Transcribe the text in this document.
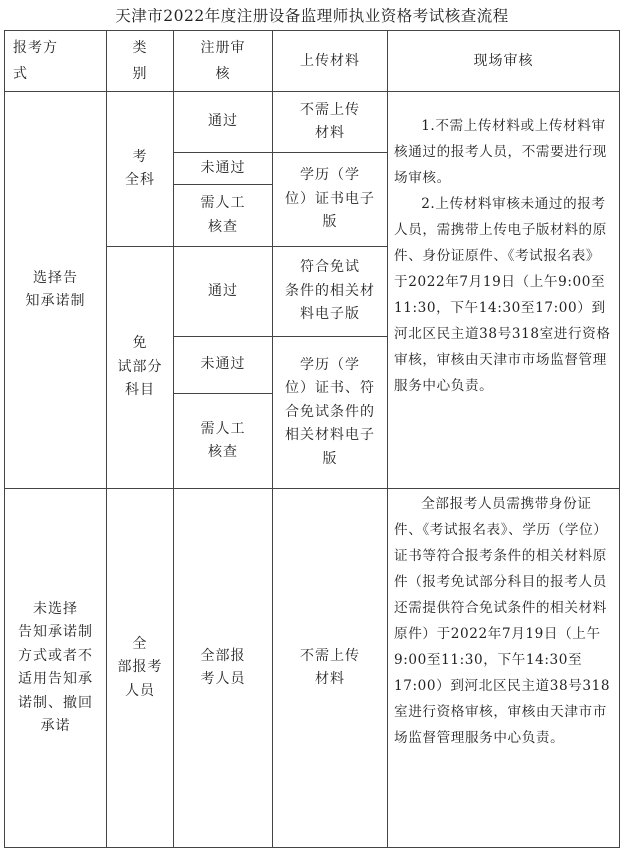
天津市2022年度注册设备监理师执业资格考试核查流程
报考方
式
类
别
注册审
核
上传材料	现场审核
选择告
知承诺制
考
全科
免
试部分
科目
通过
不需上传
材料
未通过
需人工
核查
学历（学
位）证书电子
版
通过
符合免试
条件的相关材
料电子版
未通过
需人工
核查
学历（学
位）证书、符
合免试条件的
相关材料电子
版

1.不需上传材料或上传材料审核通过的报考人员，不需要进行现场审核。

2.上传材料审核未通过的报考人员，需携带上传电子版材料的原件、身份证原件、《考试报名表》于2022年7月19日（上午9:00至11:30，下午14:30至17:00）到河北区民主道38号318室进行资格审核，审核由天津市市场监督管理服务中心负责。

未选择
告知承诺制
方式或者不
适用告知承
诺制、撤回
承诺
全
部报考
人员
全部报
考人员
不需上传
材料

全部报考人员需携带身份证件、《考试报名表》、学历（学位）证书等符合报考条件的相关材料原件（报考免试部分科目的报考人员还需提供符合免试条件的相关材料原件）于2022年7月19日（上午9:00至11:30，下午14:30至17:00）到河北区民主道38号318室进行资格审核，审核由天津市市场监督管理服务中心负责。
